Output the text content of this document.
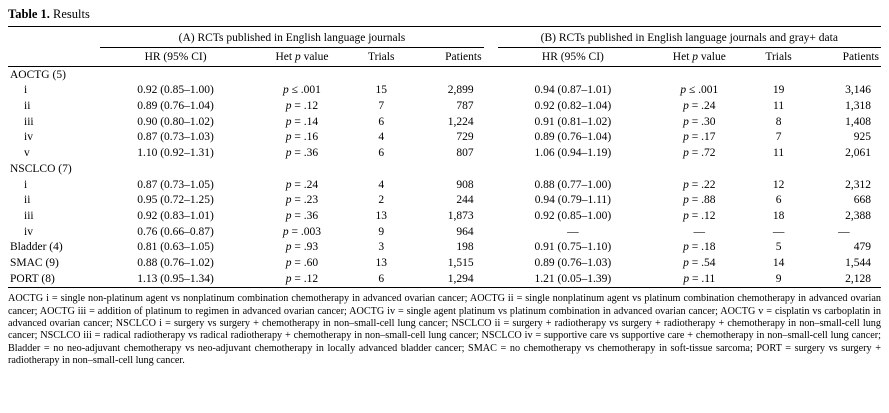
Table 1. Results
	(A) RCTs published in English language journals					(B) RCTs published in English language journals and gray+ data			
	HR (95% CI)	Het p value	Trials	Patients		HR (95% CI)	Het p value	Trials	Patients
AOCTG (5)									
i	0.92 (0.85–1.00)	p ≤ .001	15	2,899		0.94 (0.87–1.01)	p ≤ .001	19	3,146
ii	0.89 (0.76–1.04)	p = .12	7	787		0.92 (0.82–1.04)	p = .24	11	1,318
iii	0.90 (0.80–1.02)	p = .14	6	1,224		0.91 (0.81–1.02)	p = .30	8	1,408
iv	0.87 (0.73–1.03)	p = .16	4	729		0.89 (0.76–1.04)	p = .17	7	925
v	1.10 (0.92–1.31)	p = .36	6	807		1.06 (0.94–1.19)	p = .72	11	2,061
NSCLCO (7)									
i	0.87 (0.73–1.05)	p = .24	4	908		0.88 (0.77–1.00)	p = .22	12	2,312
ii	0.95 (0.72–1.25)	p = .23	2	244		0.94 (0.79–1.11)	p = .88	6	668
iii	0.92 (0.83–1.01)	p = .36	13	1,873		0.92 (0.85–1.00)	p = .12	18	2,388
iv	0.76 (0.66–0.87)	p = .003	9	964		—	—	—	—
Bladder (4)	0.81 (0.63–1.05)	p = .93	3	198		0.91 (0.75–1.10)	p = .18	5	479
SMAC (9)	0.88 (0.76–1.02)	p = .60	13	1,515		0.89 (0.76–1.03)	p = .54	14	1,544
PORT (8)	1.13 (0.95–1.34)	p = .12	6	1,294		1.21 (0.05–1.39)	p = .11	9	2,128

AOCTG i = single non-platinum agent vs nonplatinum combination chemotherapy in advanced ovarian cancer; AOCTG ii = single nonplatinum agent vs platinum combination chemotherapy in advanced ovarian cancer; AOCTG iii = addition of platinum to regimen in advanced ovarian cancer; AOCTG iv = single agent platinum vs platinum combination in advanced ovarian cancer; AOCTG v = cisplatin vs carboplatin in advanced ovarian cancer; NSCLCO i = surgery vs surgery + chemotherapy in non–small-cell lung cancer; NSCLCO ii = surgery + radiotherapy vs surgery + radiotherapy + chemotherapy in non–small-cell lung cancer; NSCLCO iii = radical radiotherapy vs radical radiotherapy + chemotherapy in non–small-cell lung cancer; NSCLCO iv = supportive care vs supportive care + chemotherapy in non–small-cell lung cancer; Bladder = no neo-adjuvant chemotherapy vs neo-adjuvant chemotherapy in locally advanced bladder cancer; SMAC = no chemotherapy vs chemotherapy in soft-tissue sarcoma; PORT = surgery vs surgery + radiotherapy in non–small-cell lung cancer.
